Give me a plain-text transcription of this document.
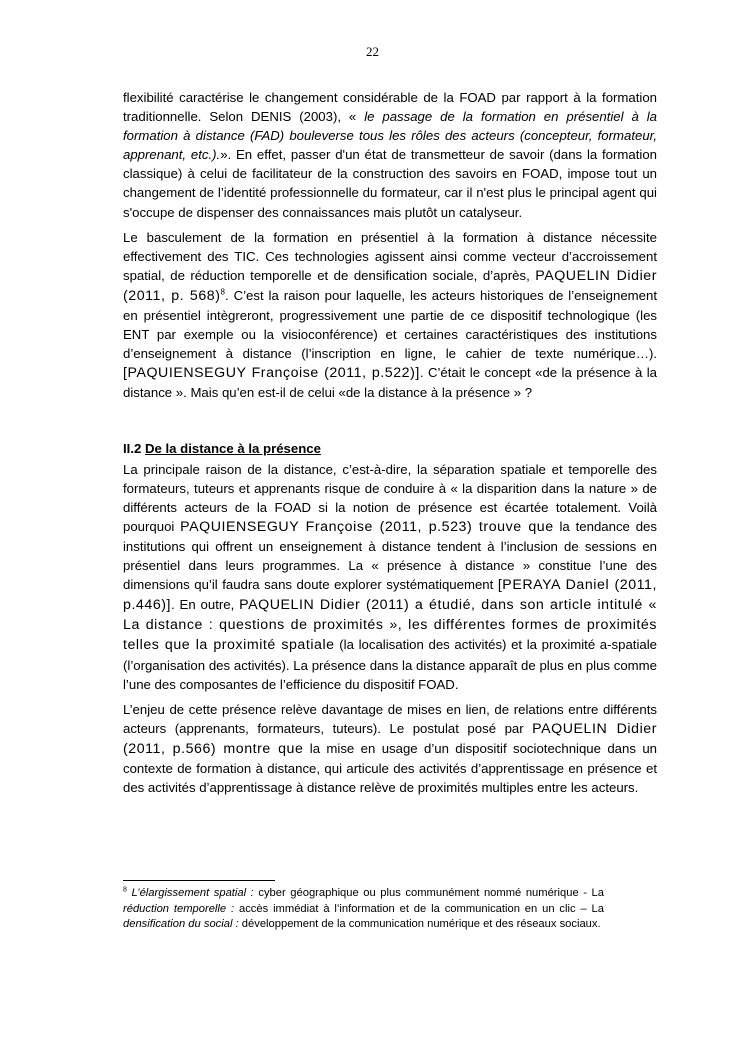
22

flexibilité caractérise le changement considérable de la FOAD par rapport à la formation traditionnelle. Selon DENIS (2003), « le passage de la formation en présentiel à la formation à distance (FAD) bouleverse tous les rôles des acteurs (concepteur, formateur, apprenant, etc.).». En effet, passer d'un état de transmetteur de savoir (dans la formation classique) à celui de facilitateur de la construction des savoirs en FOAD, impose tout un changement de l’identité professionnelle du formateur, car il n'est plus le principal agent qui s'occupe de dispenser des connaissances mais plutôt un catalyseur.

Le basculement de la formation en présentiel à la formation à distance nécessite effectivement des TIC. Ces technologies agissent ainsi comme vecteur d’accroissement spatial, de réduction temporelle et de densification sociale, d’après, PAQUELIN Didier (2011, p. 568)$^8$. C’est la raison pour laquelle, les acteurs historiques de l’enseignement en présentiel intègreront, progressivement une partie de ce dispositif technologique (les ENT par exemple ou la visioconférence) et certaines caractéristiques des institutions d’enseignement à distance (l’inscription en ligne, le cahier de texte numérique…). [PAQUIENSEGUY Françoise (2011, p.522)]. C’était le concept «de la présence à la distance ». Mais qu’en est-il de celui «de la distance à la présence » ?

II.2 De la distance à la présence

La principale raison de la distance, c’est-à-dire, la séparation spatiale et temporelle des formateurs, tuteurs et apprenants risque de conduire à « la disparition dans la nature » de différents acteurs de la FOAD si la notion de présence est écartée totalement. Voilà pourquoi PAQUIENSEGUY Françoise (2011, p.523) trouve que la tendance des institutions qui offrent un enseignement à distance tendent à l’inclusion de sessions en présentiel dans leurs programmes. La « présence à distance » constitue l’une des dimensions qu’il faudra sans doute explorer systématiquement [PERAYA Daniel (2011, p.446)]. En outre, PAQUELIN Didier (2011) a étudié, dans son article intitulé « La distance : questions de proximités », les différentes formes de proximités telles que la proximité spatiale (la localisation des activités) et la proximité a-spatiale (l’organisation des activités). La présence dans la distance apparaît de plus en plus comme l’une des composantes de l’efficience du dispositif FOAD.

L’enjeu de cette présence relève davantage de mises en lien, de relations entre différents acteurs (apprenants, formateurs, tuteurs). Le postulat posé par PAQUELIN Didier (2011, p.566) montre que la mise en usage d’un dispositif sociotechnique dans un contexte de formation à distance, qui articule des activités d’apprentissage en présence et des activités d’apprentissage à distance relève de proximités multiples entre les acteurs.

$^8$ L’élargissement spatial : cyber géographique ou plus communément nommé numérique - La réduction temporelle : accès immédiat à l’information et de la communication en un clic – La densification du social : développement de la communication numérique et des réseaux sociaux.
